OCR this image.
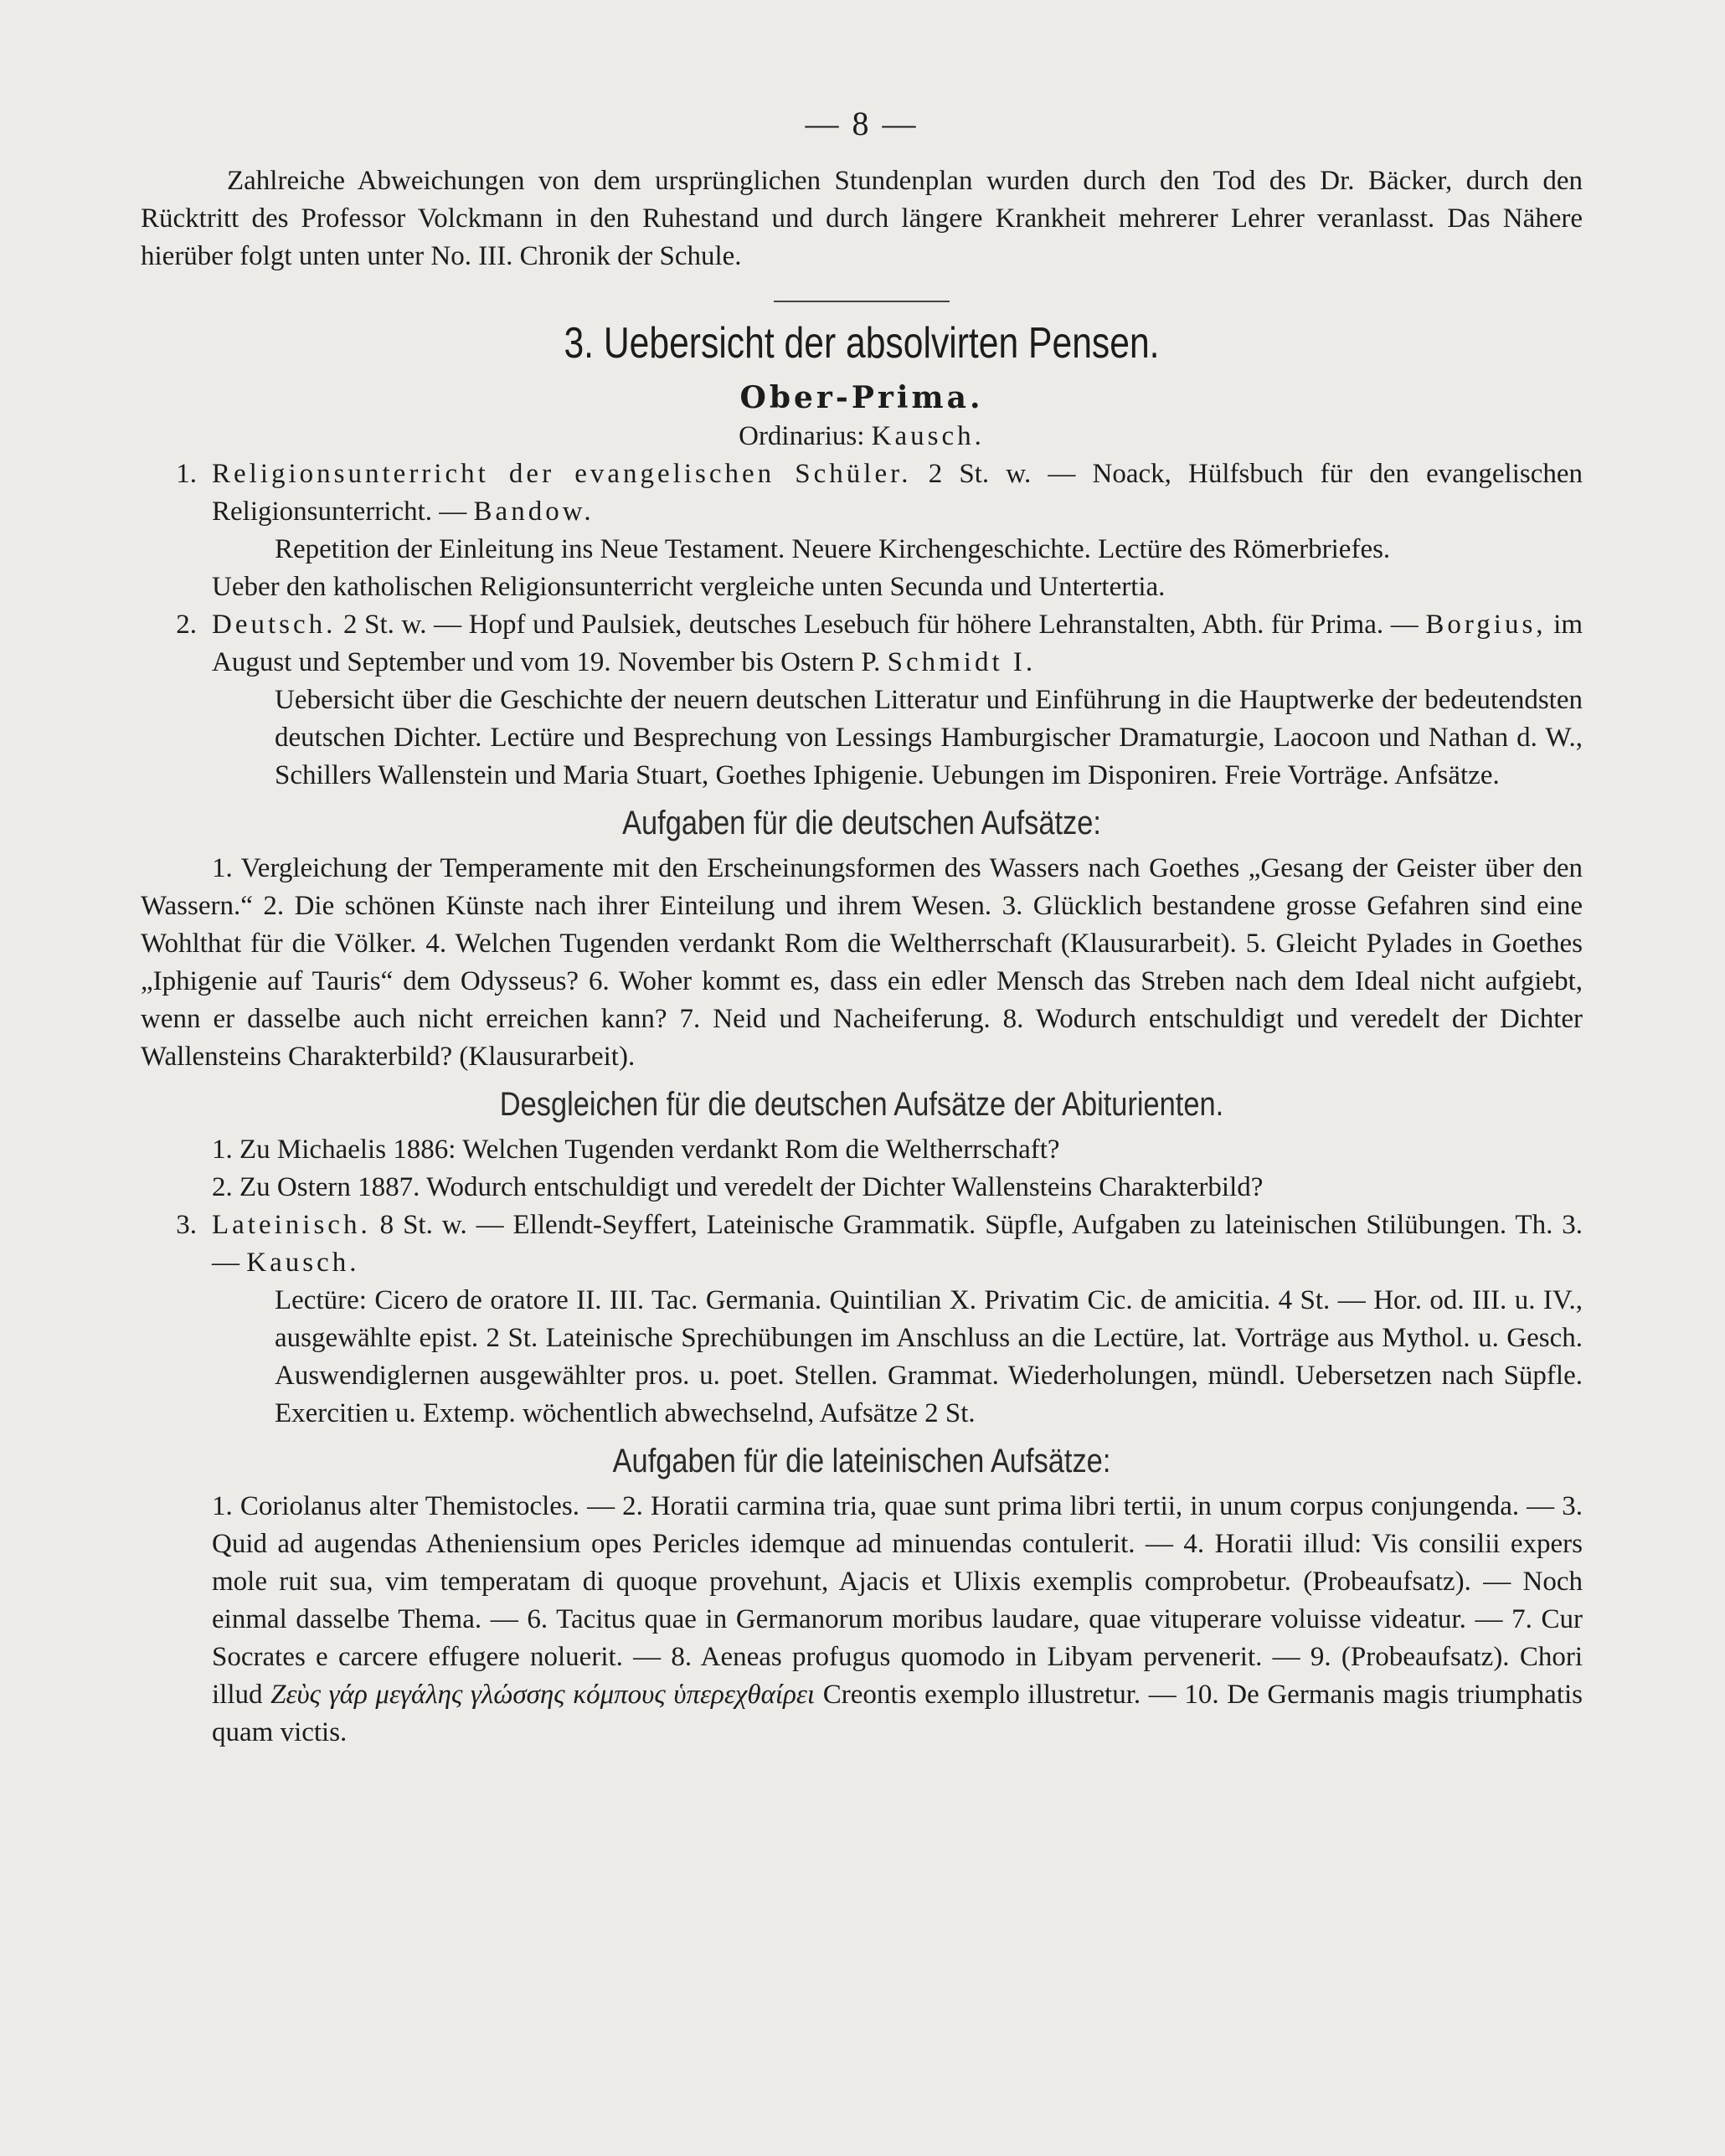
— 8 —

Zahlreiche Abweichungen von dem ursprünglichen Stundenplan wurden durch den Tod des Dr. Bäcker, durch den Rücktritt des Professor Volckmann in den Ruhestand und durch längere Krankheit mehrerer Lehrer veranlasst. Das Nähere hierüber folgt unten unter No. III. Chronik der Schule.

3. Uebersicht der absolvirten Pensen.
Ober-Prima.
Ordinarius: Kausch.
1. Religionsunterricht der evangelischen Schüler. 2 St. w. — Noack, Hülfsbuch für den evangelischen Religionsunterricht. — Bandow.

Repetition der Einleitung ins Neue Testament. Neuere Kirchengeschichte. Lectüre des Römerbriefes.

Ueber den katholischen Religionsunterricht vergleiche unten Secunda und Untertertia.

2. Deutsch. 2 St. w. — Hopf und Paulsiek, deutsches Lesebuch für höhere Lehranstalten, Abth. für Prima. — Borgius, im August und September und vom 19. November bis Ostern P. Schmidt I.

Uebersicht über die Geschichte der neuern deutschen Litteratur und Einführung in die Hauptwerke der bedeutendsten deutschen Dichter. Lectüre und Besprechung von Lessings Hamburgischer Dramaturgie, Laocoon und Nathan d. W., Schillers Wallenstein und Maria Stuart, Goethes Iphigenie. Uebungen im Disponiren. Freie Vorträge. Anfsätze.

Aufgaben für die deutschen Aufsätze:

1. Vergleichung der Temperamente mit den Erscheinungsformen des Wassers nach Goethes „Gesang der Geister über den Wassern.“ 2. Die schönen Künste nach ihrer Einteilung und ihrem Wesen. 3. Glücklich bestandene grosse Gefahren sind eine Wohlthat für die Völker. 4. Welchen Tugenden verdankt Rom die Weltherrschaft (Klausurarbeit). 5. Gleicht Pylades in Goethes „Iphigenie auf Tauris“ dem Odysseus? 6. Woher kommt es, dass ein edler Mensch das Streben nach dem Ideal nicht aufgiebt, wenn er dasselbe auch nicht erreichen kann? 7. Neid und Nacheiferung. 8. Wodurch entschuldigt und veredelt der Dichter Wallensteins Charakterbild? (Klausurarbeit).

Desgleichen für die deutschen Aufsätze der Abiturienten.

1. Zu Michaelis 1886: Welchen Tugenden verdankt Rom die Weltherrschaft?

2. Zu Ostern 1887. Wodurch entschuldigt und veredelt der Dichter Wallensteins Charakterbild?

3. Lateinisch. 8 St. w. — Ellendt-Seyffert, Lateinische Grammatik. Süpfle, Aufgaben zu lateinischen Stilübungen. Th. 3. — Kausch.

Lectüre: Cicero de oratore II. III. Tac. Germania. Quintilian X. Privatim Cic. de amicitia. 4 St. — Hor. od. III. u. IV., ausgewählte epist. 2 St. Lateinische Sprechübungen im Anschluss an die Lectüre, lat. Vorträge aus Mythol. u. Gesch. Auswendiglernen ausgewählter pros. u. poet. Stellen. Grammat. Wiederholungen, mündl. Uebersetzen nach Süpfle. Exercitien u. Extemp. wöchentlich abwechselnd, Aufsätze 2 St.

Aufgaben für die lateinischen Aufsätze:

1. Coriolanus alter Themistocles. — 2. Horatii carmina tria, quae sunt prima libri tertii, in unum corpus conjungenda. — 3. Quid ad augendas Atheniensium opes Pericles idemque ad minuendas contulerit. — 4. Horatii illud: Vis consilii expers mole ruit sua, vim temperatam di quoque provehunt, Ajacis et Ulixis exemplis comprobetur. (Probeaufsatz). — Noch einmal dasselbe Thema. — 6. Tacitus quae in Germanorum moribus laudare, quae vituperare voluisse videatur. — 7. Cur Socrates e carcere effugere noluerit. — 8. Aeneas profugus quomodo in Libyam pervenerit. — 9. (Probeaufsatz). Chori illud Ζεὺς γάρ μεγάλης γλώσσης κόμπους ὑπερεχθαίρει Creontis exemplo illustretur. — 10. De Germanis magis triumphatis quam victis.
